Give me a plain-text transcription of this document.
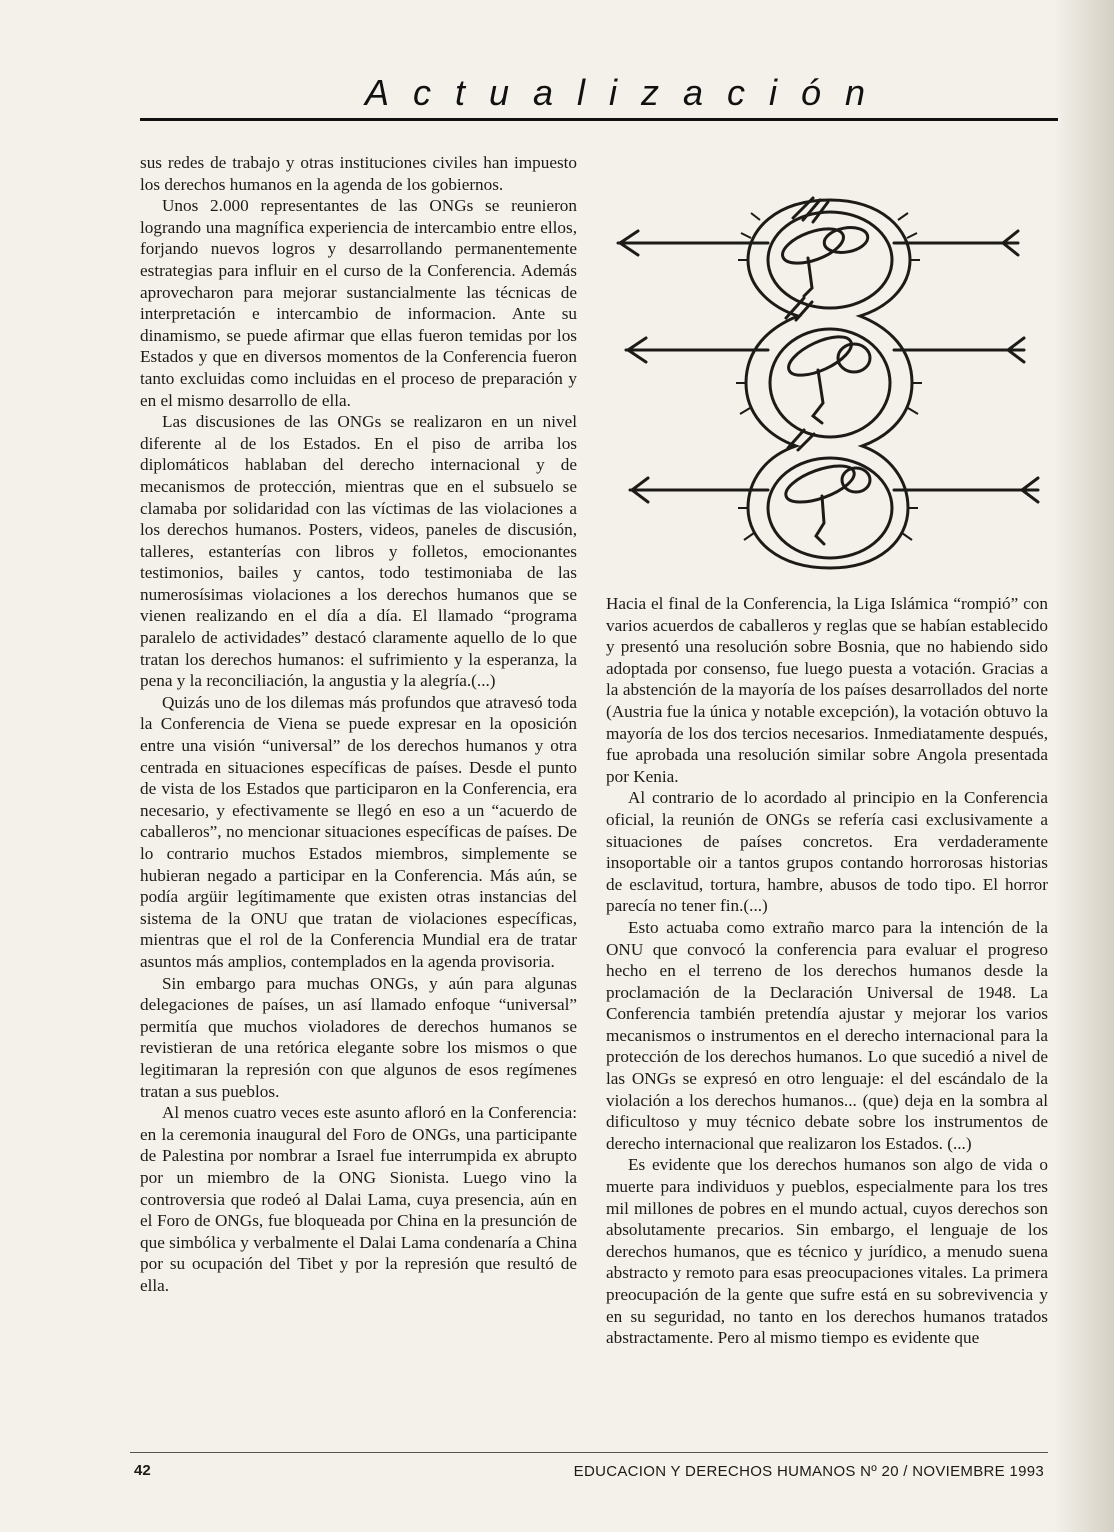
Actualización

sus redes de trabajo y otras instituciones civiles han impuesto los derechos humanos en la agenda de los gobiernos.

Unos 2.000 representantes de las ONGs se reunieron logrando una magnífica experiencia de intercambio entre ellos, forjando nuevos logros y desarrollando permanentemente estrategias para influir en el curso de la Conferencia. Además aprovecharon para mejorar sustancialmente las técnicas de interpretación e intercambio de informacion. Ante su dinamismo, se puede afirmar que ellas fueron temidas por los Estados y que en diversos momentos de la Conferencia fueron tanto excluidas como incluidas en el proceso de preparación y en el mismo desarrollo de ella.

Las discusiones de las ONGs se realizaron en un nivel diferente al de los Estados. En el piso de arriba los diplomáticos hablaban del derecho internacional y de mecanismos de protección, mientras que en el subsuelo se clamaba por solidaridad con las víctimas de las violaciones a los derechos humanos. Posters, videos, paneles de discusión, talleres, estanterías con libros y folletos, emocionantes testimonios, bailes y cantos, todo testimoniaba de las numerosísimas violaciones a los derechos humanos que se vienen realizando en el día a día. El llamado “programa paralelo de actividades” destacó claramente aquello de lo que tratan los derechos humanos: el sufrimiento y la esperanza, la pena y la reconciliación, la angustia y la alegría.(...)

Quizás uno de los dilemas más profundos que atravesó toda la Conferencia de Viena se puede expresar en la oposición entre una visión “universal” de los derechos humanos y otra centrada en situaciones específicas de países. Desde el punto de vista de los Estados que participaron en la Conferencia, era necesario, y efectivamente se llegó en eso a un “acuerdo de caballeros”, no mencionar situaciones específicas de países. De lo contrario muchos Estados miembros, simplemente se hubieran negado a participar en la Conferencia. Más aún, se podía argüir legítimamente que existen otras instancias del sistema de la ONU que tratan de violaciones específicas, mientras que el rol de la Conferencia Mundial era de tratar asuntos más amplios, contemplados en la agenda provisoria.

Sin embargo para muchas ONGs, y aún para algunas delegaciones de países, un así llamado enfoque “universal” permitía que muchos violadores de derechos humanos se revistieran de una retórica elegante sobre los mismos o que legitimaran la represión con que algunos de esos regímenes tratan a sus pueblos.

Al menos cuatro veces este asunto afloró en la Conferencia: en la ceremonia inaugural del Foro de ONGs, una participante de Palestina por nombrar a Israel fue interrumpida ex abrupto por un miembro de la ONG Sionista. Luego vino la controversia que rodeó al Dalai Lama, cuya presencia, aún en el Foro de ONGs, fue bloqueada por China en la presunción de que simbólica y verbalmente el Dalai Lama condenaría a China por su ocupación del Tibet y por la represión que resultó de ella.

Hacia el final de la Conferencia, la Liga Islámica “rompió” con varios acuerdos de caballeros y reglas que se habían establecido y presentó una resolución sobre Bosnia, que no habiendo sido adoptada por consenso, fue luego puesta a votación. Gracias a la abstención de la mayoría de los países desarrollados del norte (Austria fue la única y notable excepción), la votación obtuvo la mayoría de los dos tercios necesarios. Inmediatamente después, fue aprobada una resolución similar sobre Angola presentada por Kenia.

Al contrario de lo acordado al principio en la Conferencia oficial, la reunión de ONGs se refería casi exclusivamente a situaciones de países concretos. Era verdaderamente insoportable oir a tantos grupos contando horrorosas historias de esclavitud, tortura, hambre, abusos de todo tipo. El horror parecía no tener fin.(...)

Esto actuaba como extraño marco para la intención de la ONU que convocó la conferencia para evaluar el progreso hecho en el terreno de los derechos humanos desde la proclamación de la Declaración Universal de 1948. La Conferencia también pretendía ajustar y mejorar los varios mecanismos o instrumentos en el derecho internacional para la protección de los derechos humanos. Lo que sucedió a nivel de las ONGs se expresó en otro lenguaje: el del escándalo de la violación a los derechos humanos... (que) deja en la sombra al dificultoso y muy técnico debate sobre los instrumentos de derecho internacional que realizaron los Estados. (...)

Es evidente que los derechos humanos son algo de vida o muerte para individuos y pueblos, especialmente para los tres mil millones de pobres en el mundo actual, cuyos derechos son absolutamente precarios. Sin embargo, el lenguaje de los derechos humanos, que es técnico y jurídico, a menudo suena abstracto y remoto para esas preocupaciones vitales. La primera preocupación de la gente que sufre está en su sobrevivencia y en su seguridad, no tanto en los derechos humanos tratados abstractamente. Pero al mismo tiempo es evidente que

42	EDUCACION Y DERECHOS HUMANOS Nº 20 / NOVIEMBRE 1993
